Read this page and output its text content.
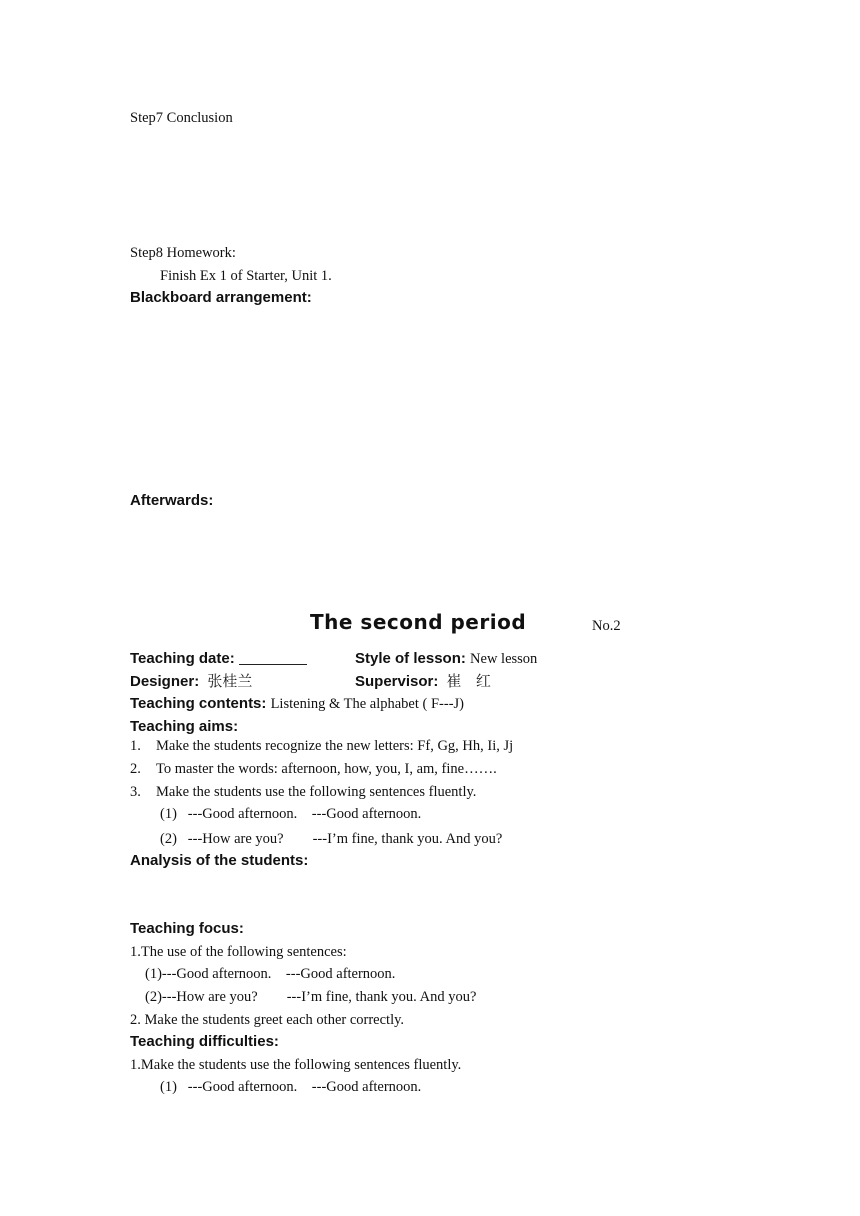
Step7 Conclusion
Step8 Homework:
Finish Ex 1 of Starter, Unit 1.
Blackboard arrangement:
Afterwards:
The second period	No.2
Teaching date:	Style of lesson: New lesson
Designer: 张桂兰	Supervisor: 崔   红
Teaching contents: Listening & The alphabet ( F---J)
Teaching aims:
1. Make the students recognize the new letters: Ff, Gg, Hh, Ii, Jj
2. To master the words: afternoon, how, you, I, am, fine…….
3. Make the students use the following sentences fluently.
(1)   ---Good afternoon.    ---Good afternoon.
(2)   ---How are you?        ---I’m fine, thank you. And you?
Analysis of the students:
Teaching focus:
1.The use of the following sentences:
(1)---Good afternoon.    ---Good afternoon.
(2)---How are you?        ---I’m fine, thank you. And you?
2. Make the students greet each other correctly.
Teaching difficulties:
1.Make the students use the following sentences fluently.
(1)   ---Good afternoon.    ---Good afternoon.
